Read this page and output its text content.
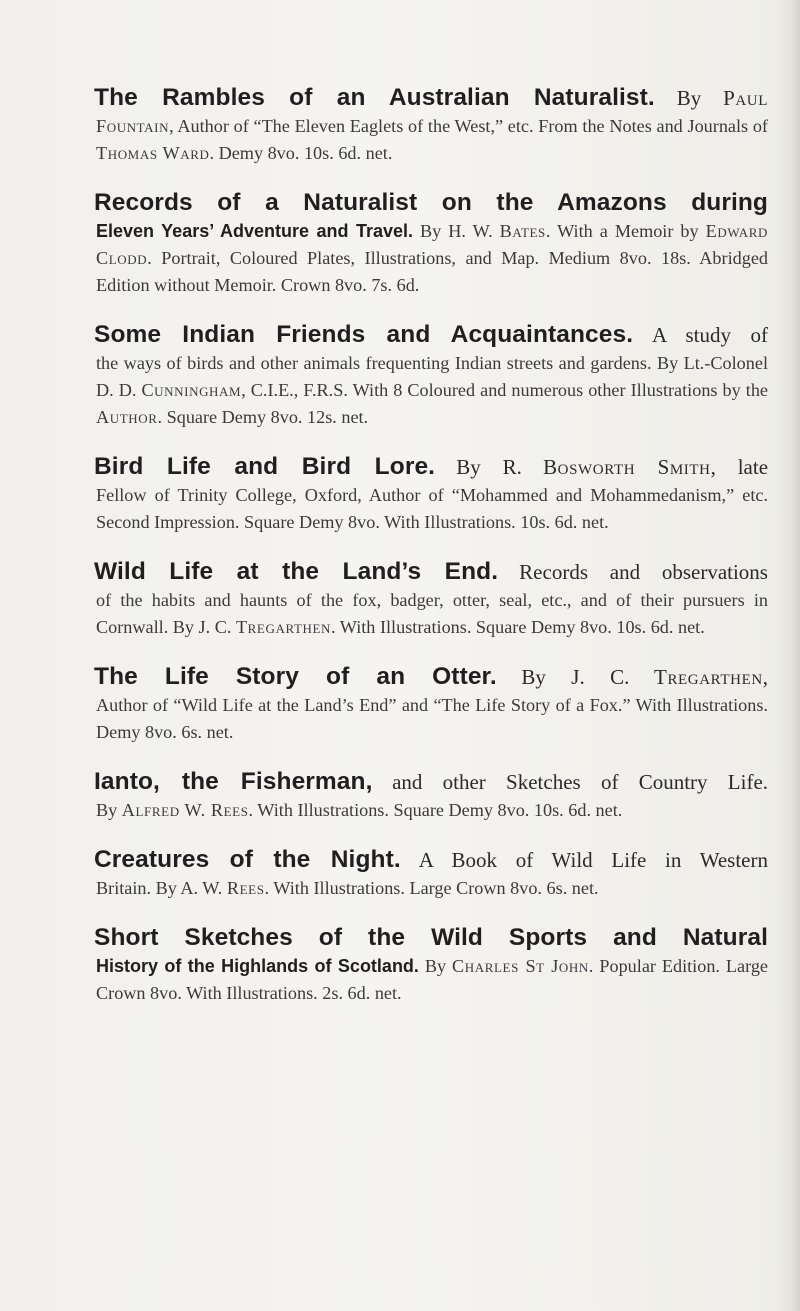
The Rambles of an Australian Naturalist. By Paul
Fountain, Author of “The Eleven Eaglets of the West,” etc. From the Notes and Journals of Thomas Ward. Demy 8vo. 10s. 6d. net.

Records of a Naturalist on the Amazons during
Eleven Years’ Adventure and Travel. By H. W. Bates. With a Memoir by Edward Clodd. Portrait, Coloured Plates, Illustrations, and Map. Medium 8vo. 18s. Abridged Edition without Memoir. Crown 8vo. 7s. 6d.

Some Indian Friends and Acquaintances. A study of
the ways of birds and other animals frequenting Indian streets and gardens. By Lt.-Colonel D. D. Cunningham, C.I.E., F.R.S. With 8 Coloured and numerous other Illustrations by the Author. Square Demy 8vo. 12s. net.

Bird Life and Bird Lore. By R. Bosworth Smith, late
Fellow of Trinity College, Oxford, Author of “Mohammed and Mohammedanism,” etc. Second Impression. Square Demy 8vo. With Illustrations. 10s. 6d. net.

Wild Life at the Land’s End. Records and observations
of the habits and haunts of the fox, badger, otter, seal, etc., and of their pursuers in Cornwall. By J. C. Tregarthen. With Illustrations. Square Demy 8vo. 10s. 6d. net.

The Life Story of an Otter. By J. C. Tregarthen,
Author of “Wild Life at the Land’s End” and “The Life Story of a Fox.” With Illustrations. Demy 8vo. 6s. net.

Ianto, the Fisherman, and other Sketches of Country Life.
By Alfred W. Rees. With Illustrations. Square Demy 8vo. 10s. 6d. net.

Creatures of the Night. A Book of Wild Life in Western
Britain. By A. W. Rees. With Illustrations. Large Crown 8vo. 6s. net.

Short Sketches of the Wild Sports and Natural
History of the Highlands of Scotland. By Charles St John. Popular Edition. Large Crown 8vo. With Illustrations. 2s. 6d. net.
